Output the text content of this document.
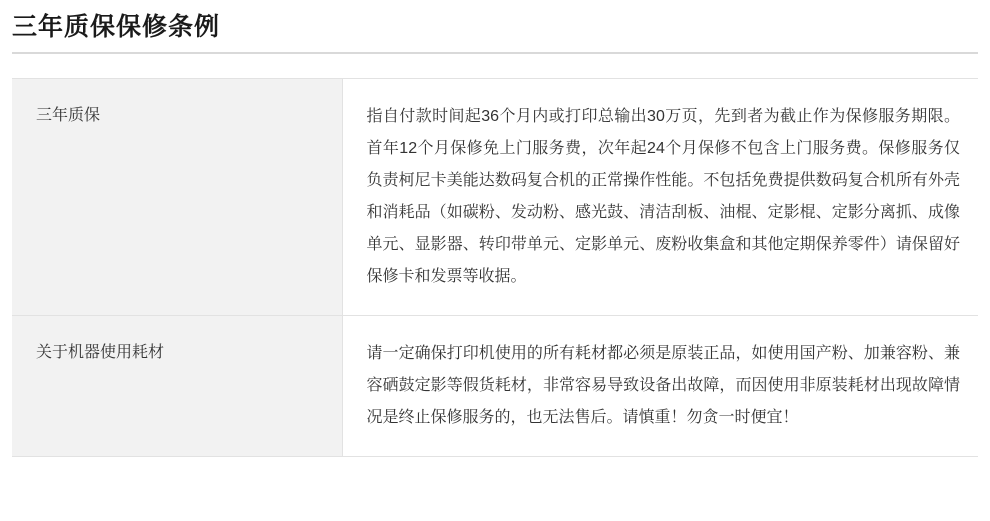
三年质保保修条例
三年质保	指自付款时间起36个月内或打印总输出30万页，先到者为截止作为保修服务期限。首年12个月保修免上门服务费，次年起24个月保修不包含上门服务费。保修服务仅负责柯尼卡美能达数码复合机的正常操作性能。不包括免费提供数码复合机所有外壳和消耗品（如碳粉、发动粉、感光鼓、清洁刮板、油棍、定影棍、定影分离抓、成像单元、显影器、转印带单元、定影单元、废粉收集盒和其他定期保养零件）请保留好保修卡和发票等收据。
关于机器使用耗材	请一定确保打印机使用的所有耗材都必须是原装正品，如使用国产粉、加兼容粉、兼容硒鼓定影等假货耗材，非常容易导致设备出故障，而因使用非原装耗材出现故障情况是终止保修服务的，也无法售后。请慎重！勿贪一时便宜！
